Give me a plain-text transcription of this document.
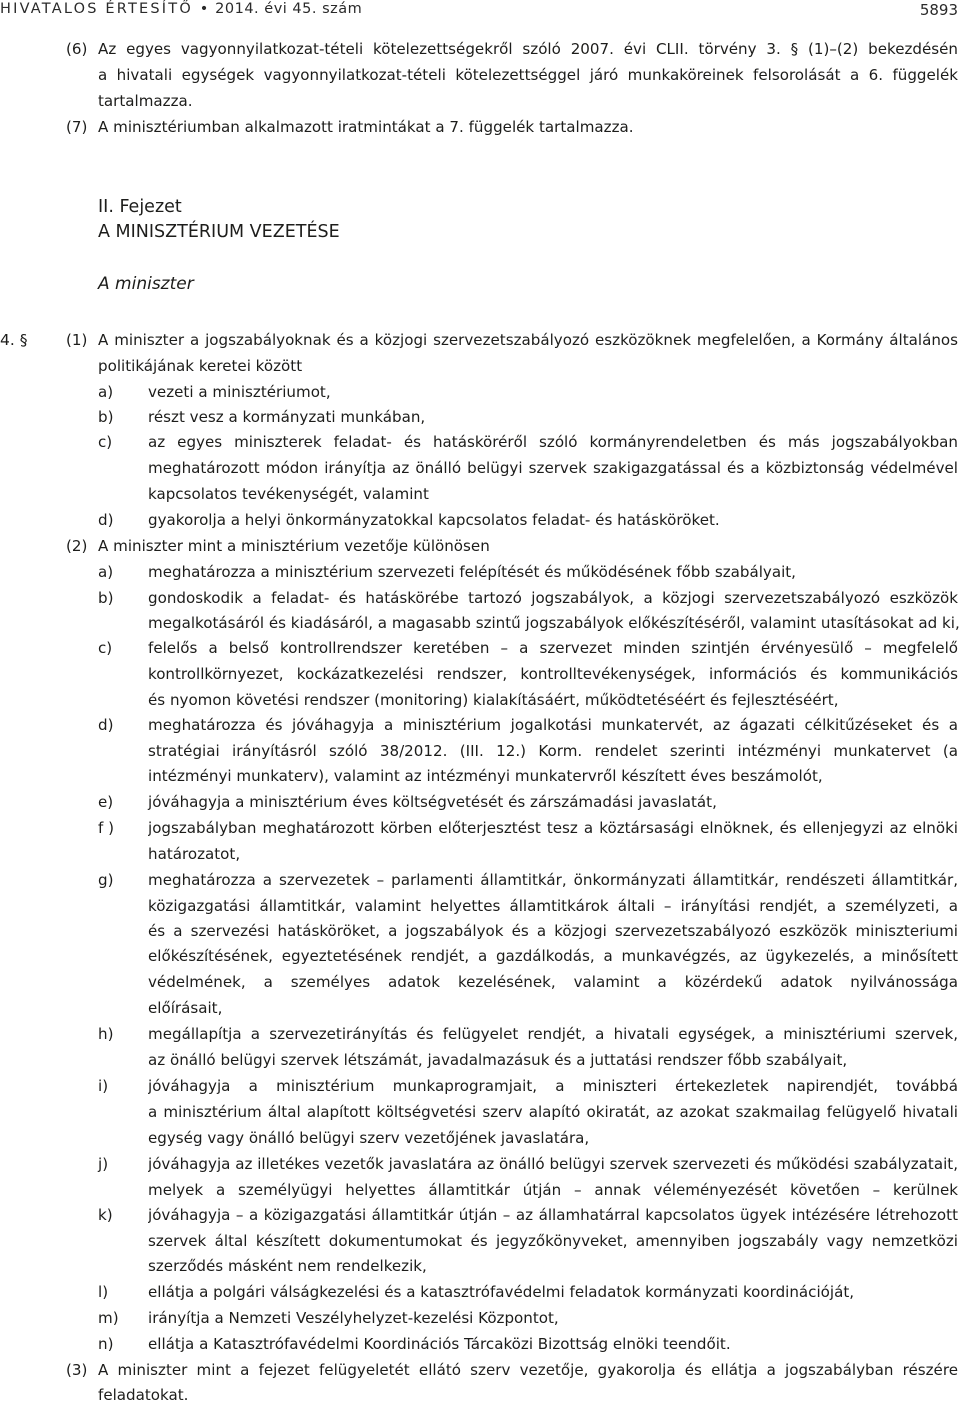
HIVATALOS ÉRTESÍTŐ • 2014. évi 45. szám	5893
(6) Az egyes vagyonnyilatkozat-tételi kötelezettségekről szóló 2007. évi CLII. törvény 3. § (1)–(2) bekezdésén
a hivatali egységek vagyonnyilatkozat-tételi kötelezettséggel járó munkaköreinek felsorolását a 6. függelék
tartalmazza.
(7) A minisztériumban alkalmazott iratmintákat a 7. függelék tartalmazza.
II. Fejezet
A MINISZTÉRIUM VEZETÉSE
A miniszter
4. §	(1) A miniszter a jogszabályoknak és a közjogi szervezetszabályozó eszközöknek megfelelően, a Kormány általános
politikájának keretei között
a) vezeti a minisztériumot,
b) részt vesz a kormányzati munkában,
c) az egyes miniszterek feladat- és hatásköréről szóló kormányrendeletben és más jogszabályokban
meghatározott módon irányítja az önálló belügyi szervek szakigazgatással és a közbiztonság védelmével
kapcsolatos tevékenységét, valamint
d) gyakorolja a helyi önkormányzatokkal kapcsolatos feladat- és hatásköröket.
(2) A miniszter mint a minisztérium vezetője különösen
a) meghatározza a minisztérium szervezeti felépítését és működésének főbb szabályait,
b) gondoskodik a feladat- és hatáskörébe tartozó jogszabályok, a közjogi szervezetszabályozó eszközök
megalkotásáról és kiadásáról, a magasabb szintű jogszabályok előkészítéséről, valamint utasításokat ad ki,
c) felelős a belső kontrollrendszer keretében – a szervezet minden szintjén érvényesülő – megfelelő
kontrollkörnyezet, kockázatkezelési rendszer, kontrolltevékenységek, információs és kommunikációs
és nyomon követési rendszer (monitoring) kialakításáért, működtetéséért és fejlesztéséért,
d) meghatározza és jóváhagyja a minisztérium jogalkotási munkatervét, az ágazati célkitűzéseket és a
stratégiai irányításról szóló 38/2012. (III. 12.) Korm. rendelet szerinti intézményi munkatervet (a
intézményi munkaterv), valamint az intézményi munkatervről készített éves beszámolót,
e) jóváhagyja a minisztérium éves költségvetését és zárszámadási javaslatát,
f ) jogszabályban meghatározott körben előterjesztést tesz a köztársasági elnöknek, és ellenjegyzi az elnöki
határozatot,
g) meghatározza a szervezetek – parlamenti államtitkár, önkormányzati államtitkár, rendészeti államtitkár,
közigazgatási államtitkár, valamint helyettes államtitkárok általi – irányítási rendjét, a személyzeti, a
és a szervezési hatásköröket, a jogszabályok és a közjogi szervezetszabályozó eszközök miniszteriumi
előkészítésének, egyeztetésének rendjét, a gazdálkodás, a munkavégzés, az ügykezelés, a minősített
védelmének, a személyes adatok kezelésének, valamint a közérdekű adatok nyilvánossága
előírásait,
h) megállapítja a szervezetirányítás és felügyelet rendjét, a hivatali egységek, a minisztériumi szervek,
az önálló belügyi szervek létszámát, javadalmazásuk és a juttatási rendszer főbb szabályait,
i)	jóváhagyja a minisztérium munkaprogramjait, a miniszteri értekezletek napirendjét, továbbá
a minisztérium által alapított költségvetési szerv alapító okiratát, az azokat szakmailag felügyelő hivatali
egység vagy önálló belügyi szerv vezetőjének javaslatára,
j)	jóváhagyja az illetékes vezetők javaslatára az önálló belügyi szervek szervezeti és működési szabályzatait,
melyek a személyügyi helyettes államtitkár útján – annak véleményezését követően – kerülnek
k) jóváhagyja – a közigazgatási államtitkár útján – az államhatárral kapcsolatos ügyek intézésére létrehozott
szervek által készített dokumentumokat és jegyzőkönyveket, amennyiben jogszabály vagy nemzetközi
szerződés másként nem rendelkezik,
l)	ellátja a polgári válságkezelési és a katasztrófavédelmi feladatok kormányzati koordinációját,
m) irányítja a Nemzeti Veszélyhelyzet-kezelési Központot,
n) ellátja a Katasztrófavédelmi Koordinációs Tárcaközi Bizottság elnöki teendőit.
(3) A miniszter mint a fejezet felügyeletét ellátó szerv vezetője, gyakorolja és ellátja a jogszabályban részére
feladatokat.
